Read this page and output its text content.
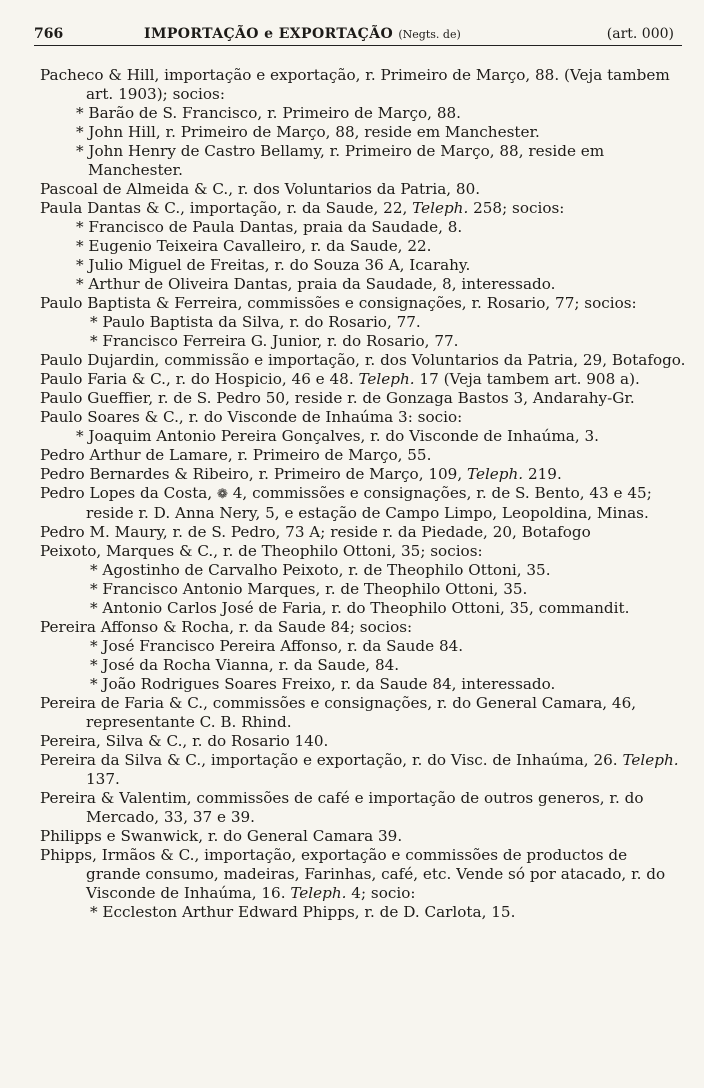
766	IMPORTAÇÃO e EXPORTAÇÃO (Negts. de)	(art. 000)

Pacheco & Hill, importação e exportação, r. Primeiro de Março, 88. (Veja tambem art. 1903); socios:

* Barão de S. Francisco, r. Primeiro de Março, 88.

* John Hill, r. Primeiro de Março, 88, reside em Manchester.

* John Henry de Castro Bellamy, r. Primeiro de Março, 88, reside em Manchester.

Pascoal de Almeida & C., r. dos Voluntarios da Patria, 80.

Paula Dantas & C., importação, r. da Saude, 22, Teleph. 258; socios:

* Francisco de Paula Dantas, praia da Saudade, 8.

* Eugenio Teixeira Cavalleiro, r. da Saude, 22.

* Julio Miguel de Freitas, r. do Souza 36 A, Icarahy.

* Arthur de Oliveira Dantas, praia da Saudade, 8, interessado.

Paulo Baptista & Ferreira, commissões e consignações, r. Rosario, 77; socios:

* Paulo Baptista da Silva, r. do Rosario, 77.

* Francisco Ferreira G. Junior, r. do Rosario, 77.

Paulo Dujardin, commissão e importação, r. dos Voluntarios da Patria, 29, Botafogo.

Paulo Faria & C., r. do Hospicio, 46 e 48. Teleph. 17 (Veja tambem art. 908 a).

Paulo Gueffier, r. de S. Pedro 50, reside r. de Gonzaga Bastos 3, Andarahy-Gr.

Paulo Soares & C., r. do Visconde de Inhaúma 3: socio:

* Joaquim Antonio Pereira Gonçalves, r. do Visconde de Inhaúma, 3.

Pedro Arthur de Lamare, r. Primeiro de Março, 55.

Pedro Bernardes & Ribeiro, r. Primeiro de Março, 109, Teleph. 219.

Pedro Lopes da Costa, ❁ 4, commissões e consignações, r. de S. Bento, 43 e 45; reside r. D. Anna Nery, 5, e estação de Campo Limpo, Leopoldina, Minas.

Pedro M. Maury, r. de S. Pedro, 73 A; reside r. da Piedade, 20, Botafogo

Peixoto, Marques & C., r. de Theophilo Ottoni, 35; socios:

* Agostinho de Carvalho Peixoto, r. de Theophilo Ottoni, 35.

* Francisco Antonio Marques, r. de Theophilo Ottoni, 35.

* Antonio Carlos José de Faria, r. do Theophilo Ottoni, 35, commandit.

Pereira Affonso & Rocha, r. da Saude 84; socios:

* José Francisco Pereira Affonso, r. da Saude 84.

* José da Rocha Vianna, r. da Saude, 84.

* João Rodrigues Soares Freixo, r. da Saude 84, interessado.

Pereira de Faria & C., commissões e consignações, r. do General Camara, 46, representante C. B. Rhind.

Pereira, Silva & C., r. do Rosario 140.

Pereira da Silva & C., importação e exportação, r. do Visc. de Inhaúma, 26. Teleph. 137.

Pereira & Valentim, commissões de café e importação de outros generos, r. do Mercado, 33, 37 e 39.

Philipps e Swanwick, r. do General Camara 39.

Phipps, Irmãos & C., importação, exportação e commissões de productos de grande consumo, madeiras, Farinhas, café, etc. Vende só por atacado, r. do Visconde de Inhaúma, 16. Teleph. 4; socio:

* Eccleston Arthur Edward Phipps, r. de D. Carlota, 15.
